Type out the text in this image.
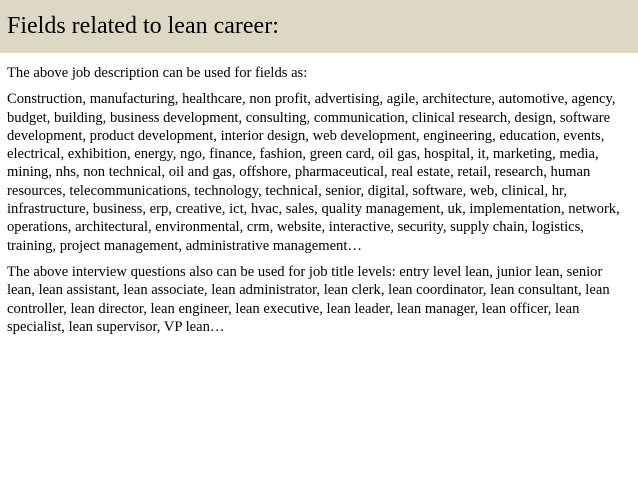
Fields related to lean career:

The above job description can be used for fields as:

Construction, manufacturing, healthcare, non profit, advertising, agile, architecture, automotive, agency, budget, building, business development, consulting, communication, clinical research, design, software development, product development, interior design, web development, engineering, education, events, electrical, exhibition, energy, ngo, finance, fashion, green card, oil gas, hospital, it, marketing, media, mining, nhs, non technical, oil and gas, offshore, pharmaceutical, real estate, retail, research, human resources, telecommunications, technology, technical, senior, digital, software, web, clinical, hr, infrastructure, business, erp, creative, ict, hvac, sales, quality management, uk, implementation, network, operations, architectural, environmental, crm, website, interactive, security, supply chain, logistics, training, project management, administrative management…

The above interview questions also can be used for job title levels: entry level lean, junior lean, senior lean, lean assistant, lean associate, lean administrator, lean clerk, lean coordinator, lean consultant, lean controller, lean director, lean engineer, lean executive, lean leader, lean manager, lean officer, lean specialist, lean supervisor, VP lean…
